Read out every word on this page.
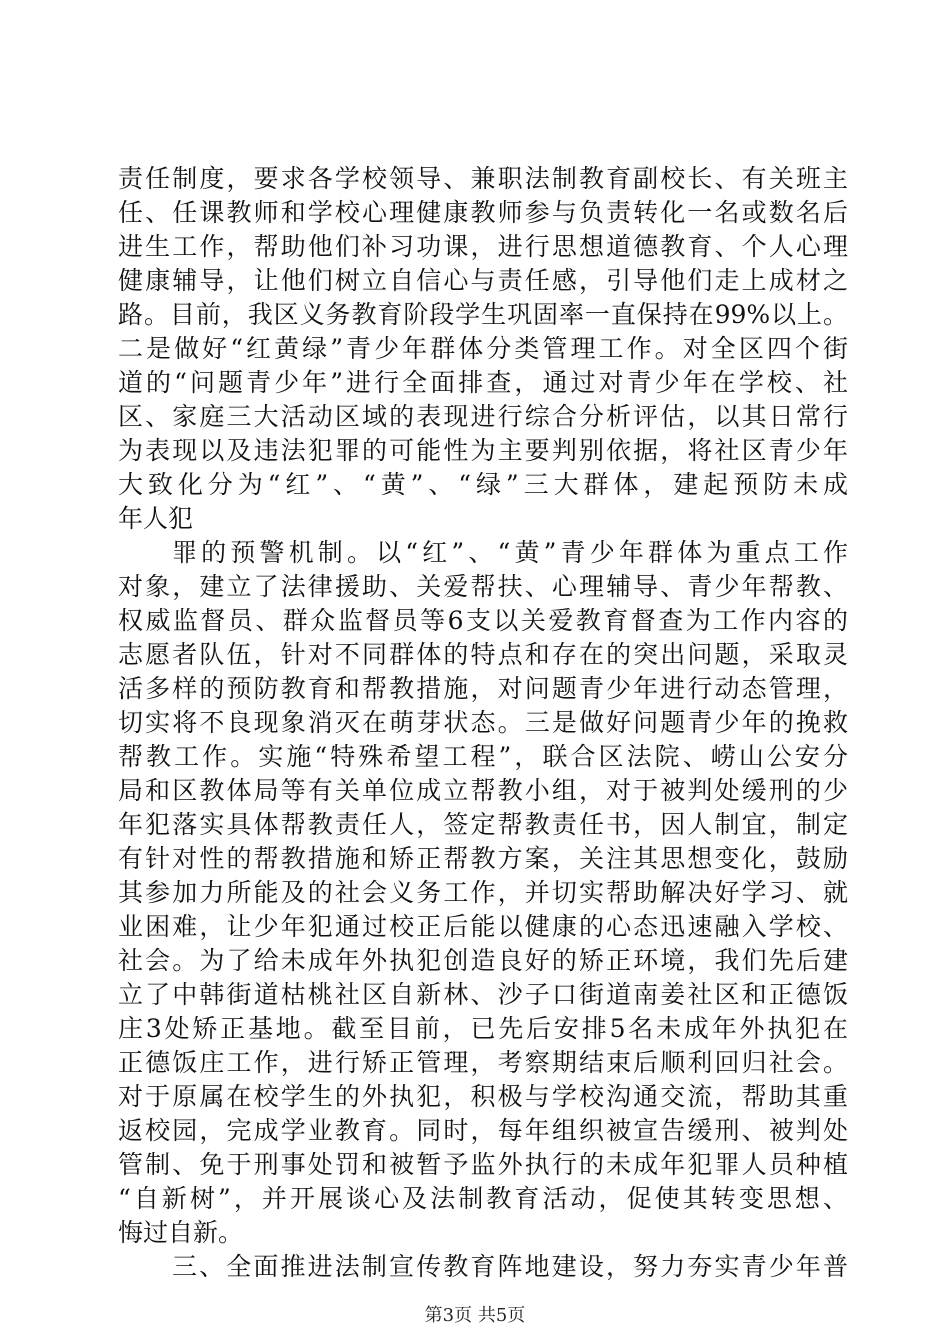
责任制度，要求各学校领导、兼职法制教育副校长、有关班主
任、任课教师和学校心理健康教师参与负责转化一名或数名后
进生工作，帮助他们补习功课，进行思想道德教育、个人心理
健康辅导，让他们树立自信心与责任感，引导他们走上成材之
路。目前，我区义务教育阶段学生巩固率一直保持在99%以上。
二是做好“红黄绿”青少年群体分类管理工作。对全区四个街
道的“问题青少年”进行全面排查，通过对青少年在学校、社
区、家庭三大活动区域的表现进行综合分析评估，以其日常行
为表现以及违法犯罪的可能性为主要判别依据，将社区青少年
大致化分为“红”、“黄”、“绿”三大群体，建起预防未成
年人犯
罪的预警机制。以“红”、“黄”青少年群体为重点工作
对象，建立了法律援助、关爱帮扶、心理辅导、青少年帮教、
权威监督员、群众监督员等6支以关爱教育督查为工作内容的
志愿者队伍，针对不同群体的特点和存在的突出问题，采取灵
活多样的预防教育和帮教措施，对问题青少年进行动态管理，
切实将不良现象消灭在萌芽状态。三是做好问题青少年的挽救
帮教工作。实施“特殊希望工程”，联合区法院、崂山公安分
局和区教体局等有关单位成立帮教小组，对于被判处缓刑的少
年犯落实具体帮教责任人，签定帮教责任书，因人制宜，制定
有针对性的帮教措施和矫正帮教方案，关注其思想变化，鼓励
其参加力所能及的社会义务工作，并切实帮助解决好学习、就
业困难，让少年犯通过校正后能以健康的心态迅速融入学校、
社会。为了给未成年外执犯创造良好的矫正环境，我们先后建
立了中韩街道枯桃社区自新林、沙子口街道南姜社区和正德饭
庄3处矫正基地。截至目前，已先后安排5名未成年外执犯在
正德饭庄工作，进行矫正管理，考察期结束后顺利回归社会。
对于原属在校学生的外执犯，积极与学校沟通交流，帮助其重
返校园，完成学业教育。同时，每年组织被宣告缓刑、被判处
管制、免于刑事处罚和被暂予监外执行的未成年犯罪人员种植
“自新树”，并开展谈心及法制教育活动，促使其转变思想、
悔过自新。
三、全面推进法制宣传教育阵地建设，努力夯实青少年普
第3页 共5页
